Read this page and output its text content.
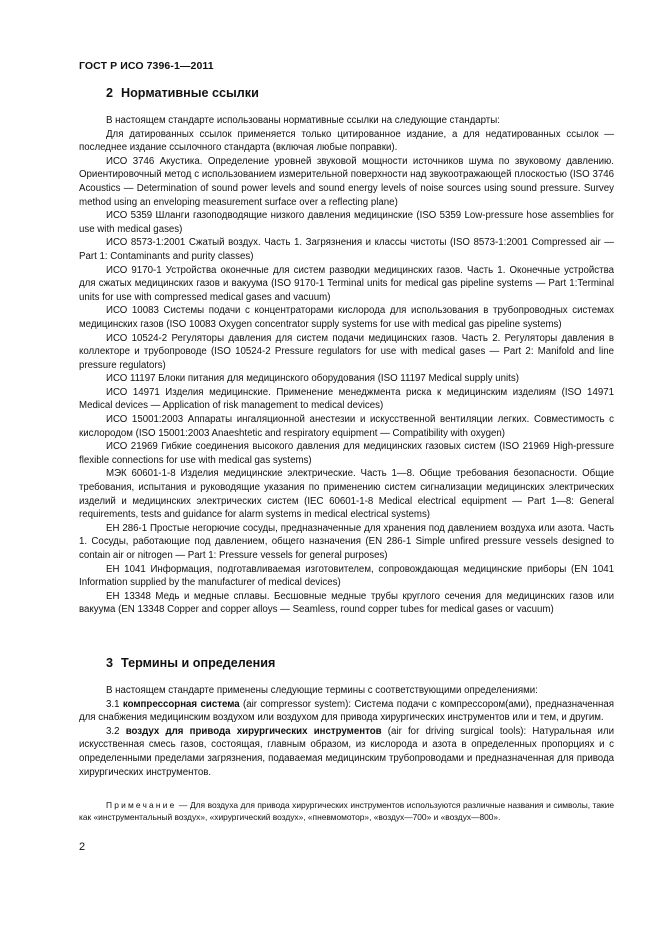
ГОСТ Р ИСО 7396-1—2011
2 Нормативные ссылки

В настоящем стандарте использованы нормативные ссылки на следующие стандарты:

Для датированных ссылок применяется только цитированное издание, а для недатированных ссылок — последнее издание ссылочного стандарта (включая любые поправки).

ИСО 3746 Акустика. Определение уровней звуковой мощности источников шума по звуковому давлению. Ориентировочный метод с использованием измерительной поверхности над звукоотражающей плоскостью (ISO 3746 Acoustics — Determination of sound power levels and sound energy levels of noise sources using sound pressure. Survey method using an enveloping measurement surface over a reflecting plane)

ИСО 5359 Шланги газоподводящие низкого давления медицинские (ISO 5359 Low-pressure hose assemblies for use with medical gases)

ИСО 8573-1:2001 Сжатый воздух. Часть 1. Загрязнения и классы чистоты (ISO 8573-1:2001 Compressed air — Part 1: Contaminants and purity classes)

ИСО 9170-1 Устройства оконечные для систем разводки медицинских газов. Часть 1. Оконечные устройства для сжатых медицинских газов и вакуума (ISO 9170-1 Terminal units for medical gas pipeline systems — Part 1:Terminal units for use with compressed medical gases and vacuum)

ИСО 10083 Системы подачи с концентраторами кислорода для использования в трубопроводных системах медицинских газов (ISO 10083 Oxygen concentrator supply systems for use with medical gas pipeline systems)

ИСО 10524-2 Регуляторы давления для систем подачи медицинских газов. Часть 2. Регуляторы давления в коллекторе и трубопроводе (ISO 10524-2 Pressure regulators for use with medical gases — Part 2: Manifold and line pressure regulators)

ИСО 11197 Блоки питания для медицинского оборудования (ISO 11197 Medical supply units)

ИСО 14971 Изделия медицинские. Применение менеджмента риска к медицинским изделиям (ISO 14971 Medical devices — Application of risk management to medical devices)

ИСО 15001:2003 Аппараты ингаляционной анестезии и искусственной вентиляции легких. Совместимость с кислородом (ISO 15001:2003 Anaeshtetic and respiratory equipment — Compatibility with oxygen)

ИСО 21969 Гибкие соединения высокого давления для медицинских газовых систем (ISO 21969 High-pressure flexible connections for use with medical gas systems)

МЭК 60601-1-8 Изделия медицинские электрические. Часть 1—8. Общие требования безопасности. Общие требования, испытания и руководящие указания по применению систем сигнализации медицинских электрических изделий и медицинских электрических систем (IEC 60601-1-8 Medical electrical equipment — Part 1—8: General requirements, tests and guidance for alarm systems in medical electrical systems)

ЕН 286-1 Простые негорючие сосуды, предназначенные для хранения под давлением воздуха или азота. Часть 1. Сосуды, работающие под давлением, общего назначения (EN 286-1 Simple unfired pressure vessels designed to contain air or nitrogen — Part 1: Pressure vessels for general purposes)

ЕН 1041 Информация, подготавливаемая изготовителем, сопровождающая медицинские приборы (EN 1041 Information supplied by the manufacturer of medical devices)

ЕН 13348 Медь и медные сплавы. Бесшовные медные трубы круглого сечения для медицинских газов или вакуума (EN 13348 Copper and copper alloys — Seamless, round copper tubes for medical gases or vacuum)

3 Термины и определения

В настоящем стандарте применены следующие термины с соответствующими определениями:

3.1 компрессорная система (air compressor system): Система подачи с компрессором(ами), предназначенная для снабжения медицинским воздухом или воздухом для привода хирургических инструментов или и тем, и другим.

3.2 воздух для привода хирургических инструментов (air for driving surgical tools): Натуральная или искусственная смесь газов, состоящая, главным образом, из кислорода и азота в определенных пропорциях и с определенными пределами загрязнения, подаваемая медицинским трубопроводами и предназначенная для привода хирургических инструментов.

Примечание — Для воздуха для привода хирургических инструментов используются различные названия и символы, такие как «инструментальный воздух», «хирургический воздух», «пневмомотор», «воздух—700» и «воздух—800».

2
